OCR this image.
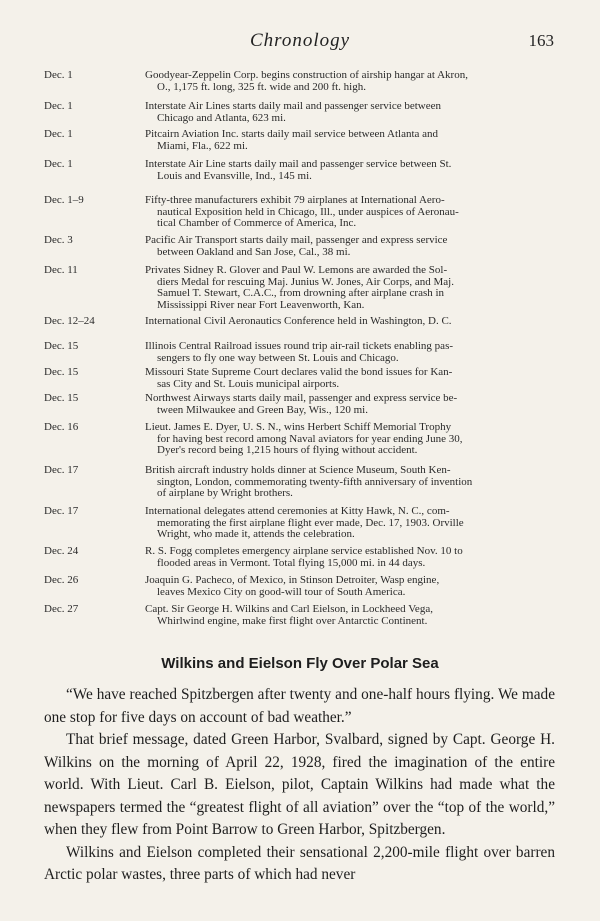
Chronology	163
Dec. 1	Goodyear-Zeppelin Corp. begins construction of airship hangar at Akron,
O., 1,175 ft. long, 325 ft. wide and 200 ft. high.
Dec. 1	Interstate Air Lines starts daily mail and passenger service between
Chicago and Atlanta, 623 mi.
Dec. 1	Pitcairn Aviation Inc. starts daily mail service between Atlanta and
Miami, Fla., 622 mi.
Dec. 1	Interstate Air Line starts daily mail and passenger service between St.
Louis and Evansville, Ind., 145 mi.
Dec. 1–9	Fifty-three manufacturers exhibit 79 airplanes at International Aero-
nautical Exposition held in Chicago, Ill., under auspices of Aeronau-
tical Chamber of Commerce of America, Inc.
Dec. 3	Pacific Air Transport starts daily mail, passenger and express service
between Oakland and San Jose, Cal., 38 mi.
Dec. 11	Privates Sidney R. Glover and Paul W. Lemons are awarded the Sol-
diers Medal for rescuing Maj. Junius W. Jones, Air Corps, and Maj.
Samuel T. Stewart, C.A.C., from drowning after airplane crash in
Mississippi River near Fort Leavenworth, Kan.
Dec. 12–24	International Civil Aeronautics Conference held in Washington, D. C.
Dec. 15	Illinois Central Railroad issues round trip air-rail tickets enabling pas-
sengers to fly one way between St. Louis and Chicago.
Dec. 15	Missouri State Supreme Court declares valid the bond issues for Kan-
sas City and St. Louis municipal airports.
Dec. 15	Northwest Airways starts daily mail, passenger and express service be-
tween Milwaukee and Green Bay, Wis., 120 mi.
Dec. 16	Lieut. James E. Dyer, U. S. N., wins Herbert Schiff Memorial Trophy
for having best record among Naval aviators for year ending June 30,
Dyer's record being 1,215 hours of flying without accident.
Dec. 17	British aircraft industry holds dinner at Science Museum, South Ken-
sington, London, commemorating twenty-fifth anniversary of invention
of airplane by Wright brothers.
Dec. 17	International delegates attend ceremonies at Kitty Hawk, N. C., com-
memorating the first airplane flight ever made, Dec. 17, 1903. Orville
Wright, who made it, attends the celebration.
Dec. 24	R. S. Fogg completes emergency airplane service established Nov. 10 to
flooded areas in Vermont. Total flying 15,000 mi. in 44 days.
Dec. 26	Joaquin G. Pacheco, of Mexico, in Stinson Detroiter, Wasp engine,
leaves Mexico City on good-will tour of South America.
Dec. 27	Capt. Sir George H. Wilkins and Carl Eielson, in Lockheed Vega,
Whirlwind engine, make first flight over Antarctic Continent.
Wilkins and Eielson Fly Over Polar Sea

“We have reached Spitzbergen after twenty and one-half hours flying. We made one stop for five days on account of bad weather.”

That brief message, dated Green Harbor, Svalbard, signed by Capt. George H. Wilkins on the morning of April 22, 1928, fired the imagination of the entire world. With Lieut. Carl B. Eielson, pilot, Captain Wilkins had made what the newspapers termed the “greatest flight of all aviation” over the “top of the world,” when they flew from Point Barrow to Green Harbor, Spitzbergen.

Wilkins and Eielson completed their sensational 2,200-mile flight over barren Arctic polar wastes, three parts of which had never
